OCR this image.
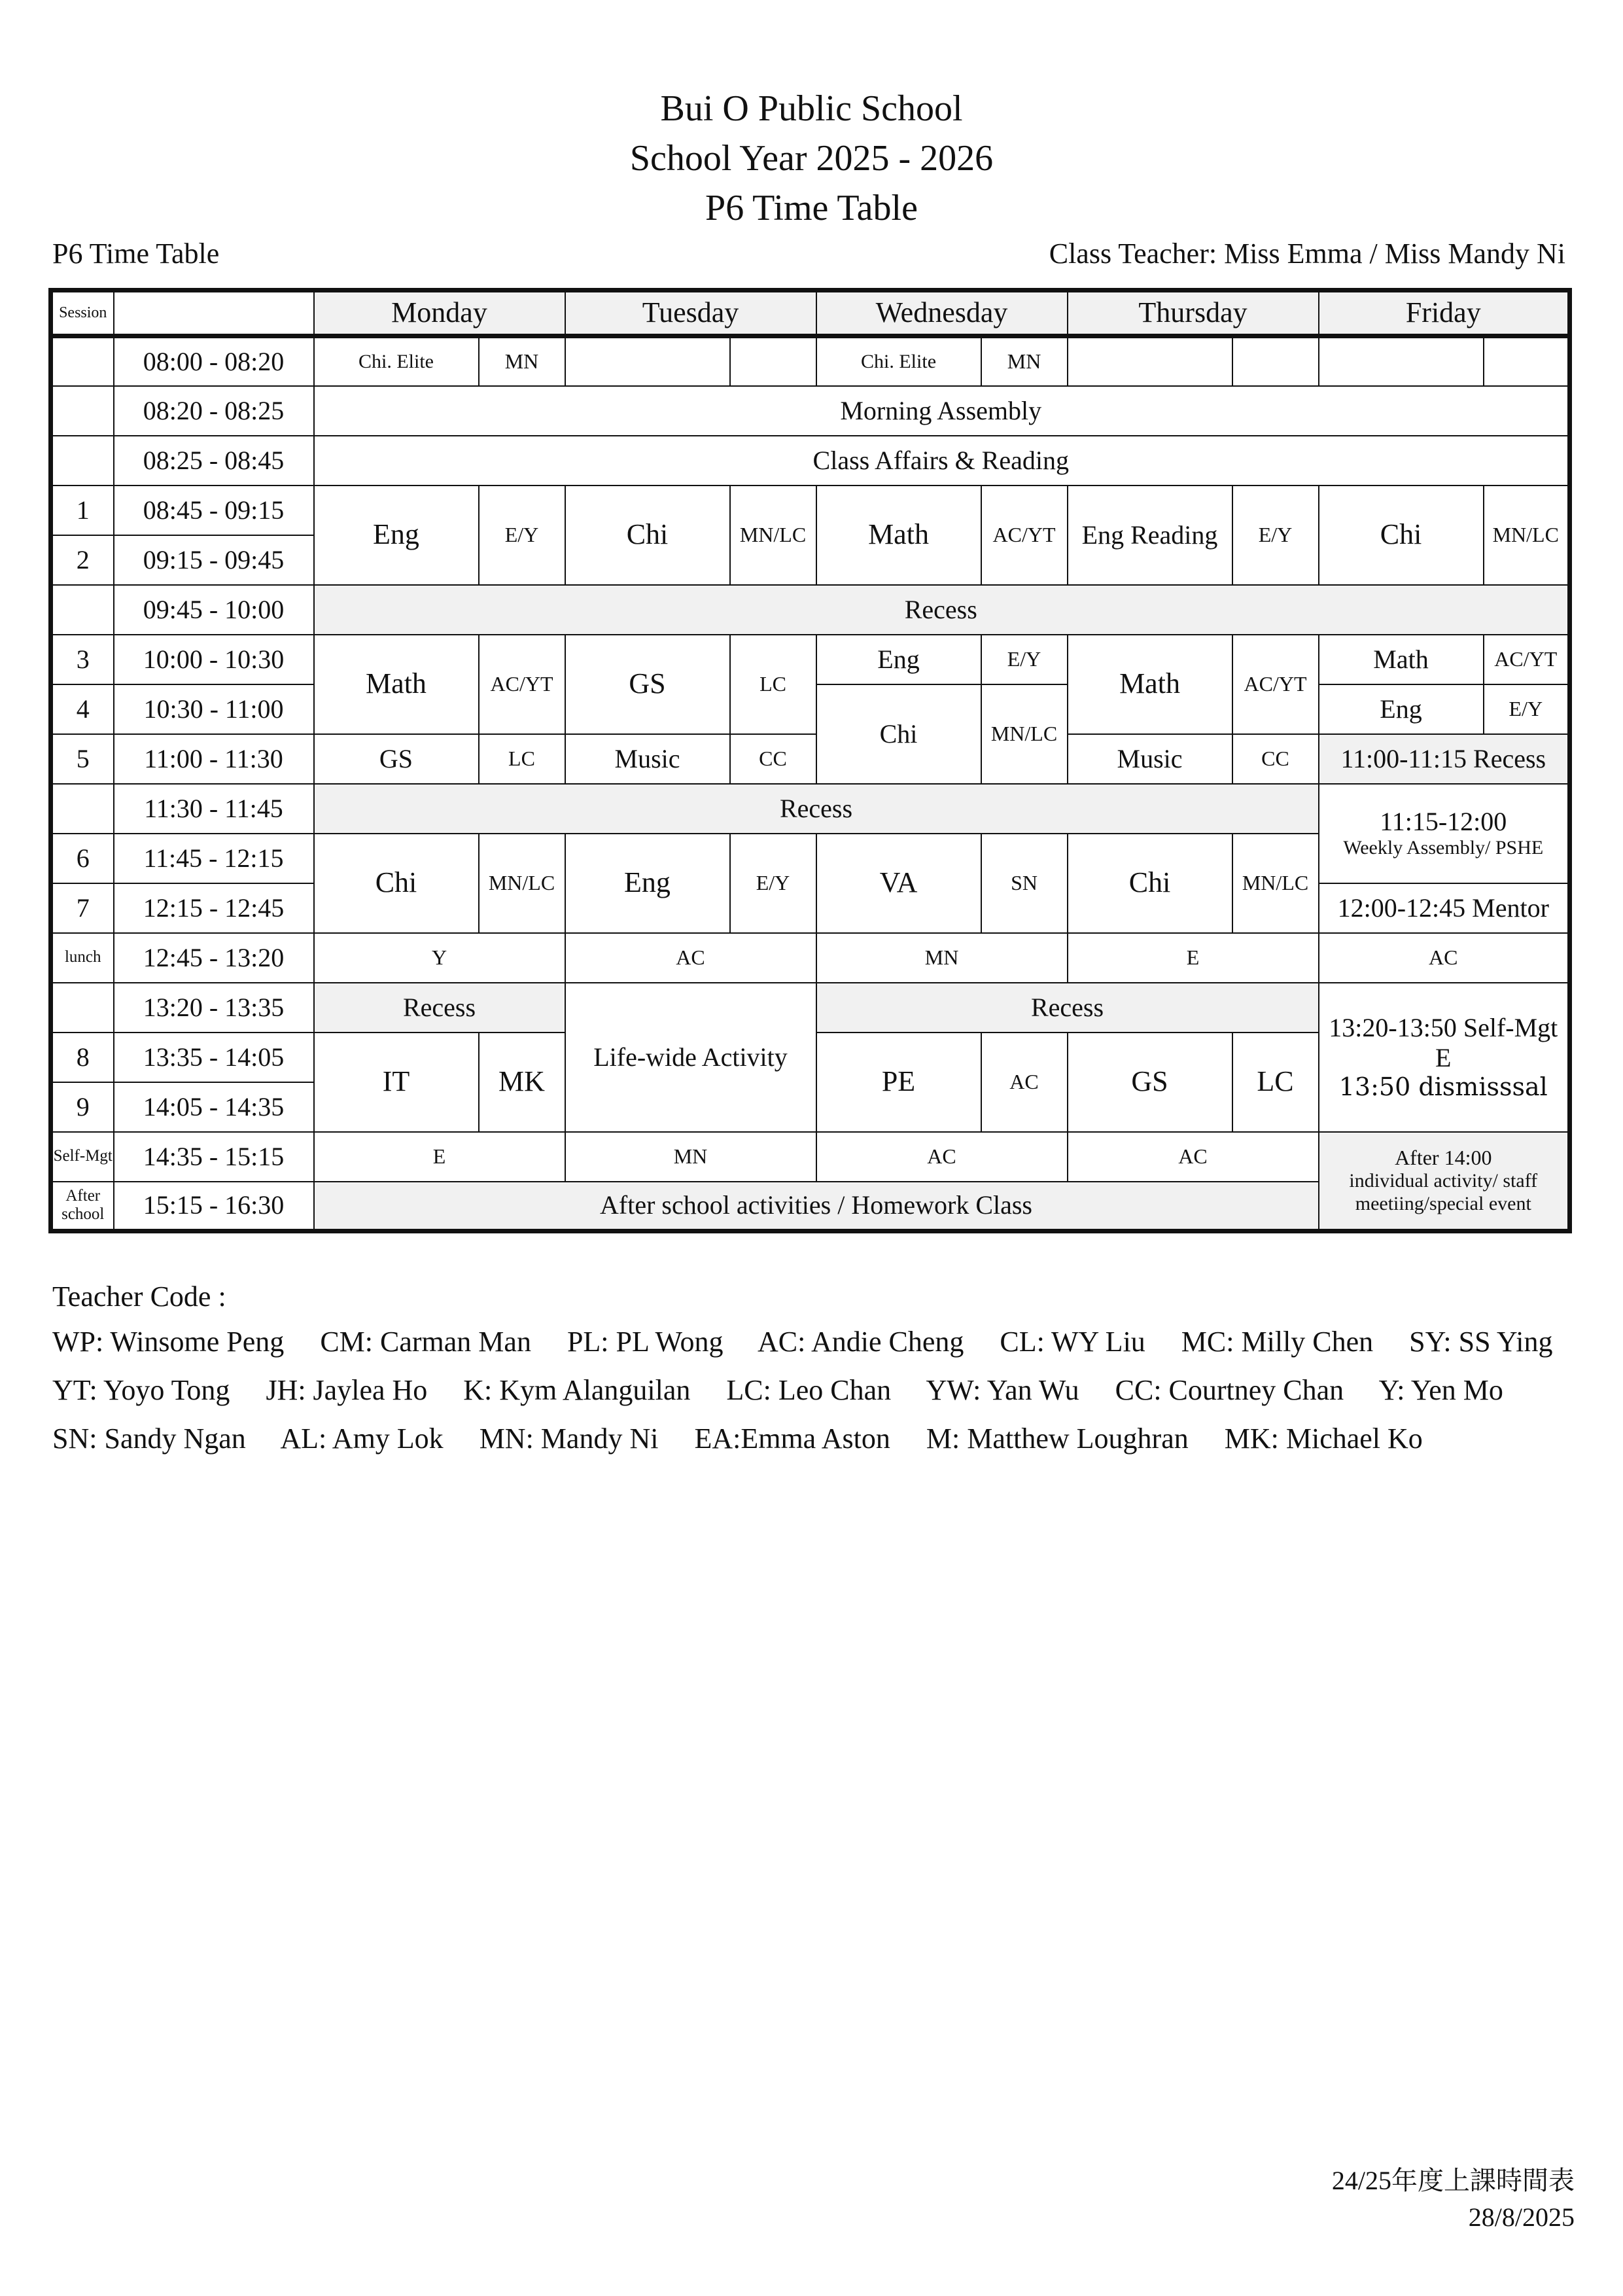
Bui O Public School
School Year 2025 - 2026
P6 Time Table
P6 Time Table	Class Teacher: Miss Emma / Miss Mandy Ni
Session		Monday		Tuesday		Wednesday		Thursday		Friday	
	08:00 - 08:20	Chi. Elite	MN			Chi. Elite	MN				
	08:20 - 08:25	Morning Assembly									
	08:25 - 08:45	Class Affairs & Reading									
1	08:45 - 09:15	Eng	E/Y	Chi	MN/LC	Math	AC/YT	Eng Reading	E/Y	Chi	MN/LC
2	09:15 - 09:45										
	09:45 - 10:00	Recess									
3	10:00 - 10:30	Math	AC/YT	GS	LC	Eng	E/Y	Math	AC/YT	Math	AC/YT
4	10:30 - 11:00					Chi	MN/LC			Eng	E/Y
5	11:00 - 11:30	GS	LC	Music	CC			Music	CC	11:00-11:15 Recess	
	11:30 - 11:45	Recess								11:15-12:00
Weekly Assembly/ PSHE	

6	11:45 - 12:15	Chi	MN/LC	Eng	E/Y	VA	SN	Chi	MN/LC		
7	12:15 - 12:45									12:00-12:45 Mentor	
lunch	12:45 - 13:20	Y		AC		MN		E		AC	
	13:20 - 13:35	Recess		Life-wide Activity		Recess				13:20-13:50 Self-Mgt
E
13:50 dismisssal	

8	13:35 - 14:05	IT	MK			PE	AC	GS	LC		
9	14:05 - 14:35										
Self-Mgt	14:35 - 15:15	E		MN		AC		AC		After 14:00
individual activity/ staff meetiing/special event	

After school	15:15 - 16:30	After school activities / Homework Class									
Teacher Code :
WP: Winsome Peng CM: Carman Man PL: PL Wong AC: Andie Cheng CL: WY Liu MC: Milly Chen SY: SS Ying
YT: Yoyo Tong JH: Jaylea Ho K: Kym Alanguilan LC: Leo Chan YW: Yan Wu CC: Courtney Chan Y: Yen Mo
SN: Sandy Ngan AL: Amy Lok MN: Mandy Ni EA:Emma Aston M: Matthew Loughran MK: Michael Ko
24/25年度上課時間表
28/8/2025
